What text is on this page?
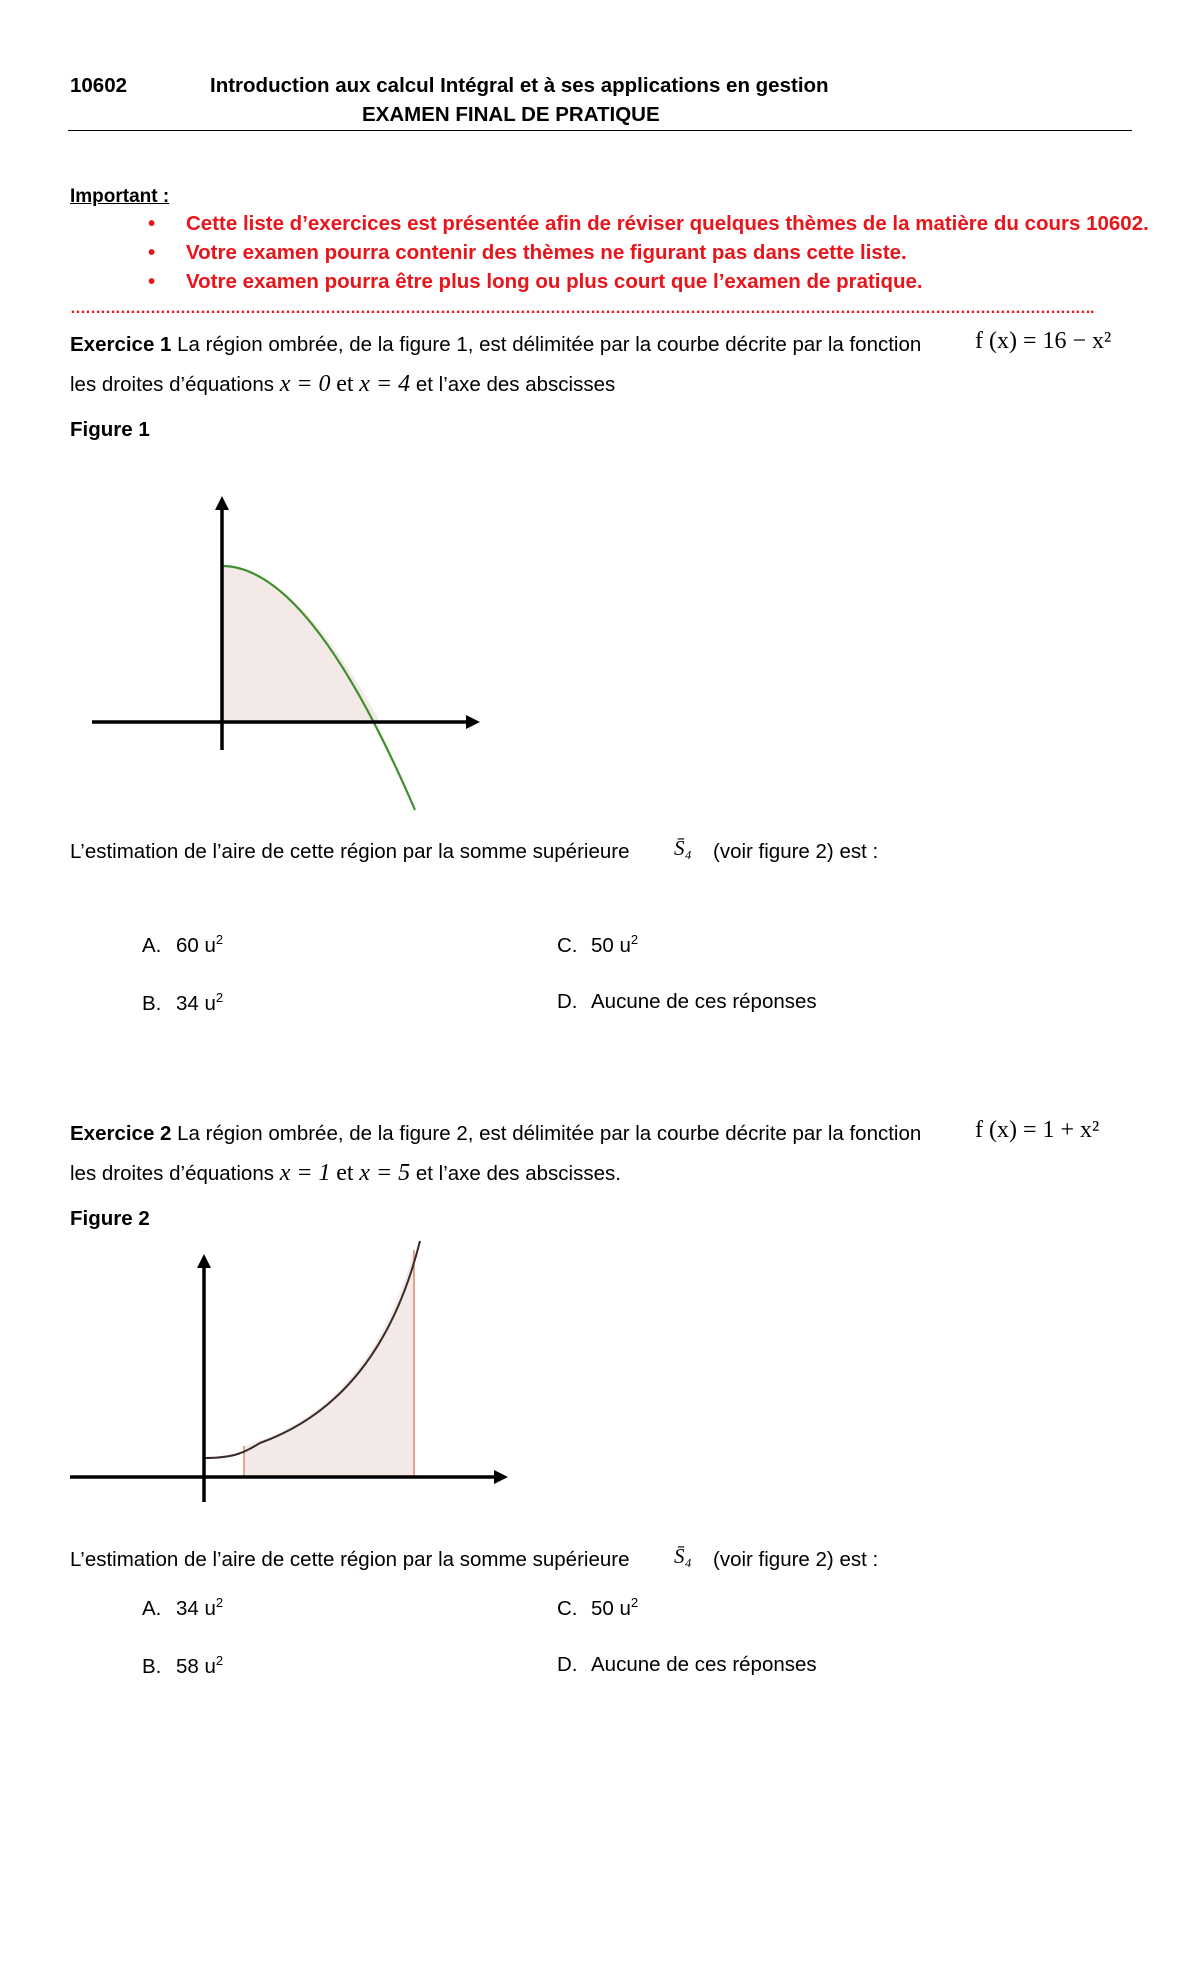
10602	Introduction aux calcul Intégral et à ses applications en gestion
EXAMEN FINAL DE PRATIQUE
Important :
• Cette liste d’exercices est présentée afin de réviser quelques thèmes de la matière du cours 10602.
• Votre examen pourra contenir des thèmes ne figurant pas dans cette liste.
• Votre examen pourra être plus long ou plus court que l’examen de pratique.
…………………………………………………………………………………………………………………………………………………………………………………….
Exercice 1 La région ombrée, de la figure 1, est délimitée par la courbe décrite par la fonction f (x) = 16 − x²
les droites d’équations x = 0 et x = 4 et l’axe des abscisses
Figure 1
L’estimation de l’aire de cette région par la somme supérieure S̄₄ (voir figure 2) est :
A. 60 $u^2$
B. 34 $u^2$
C. 50 $u^2$
D. Aucune de ces réponses
Exercice 2 La région ombrée, de la figure 2, est délimitée par la courbe décrite par la fonction f (x) = 1 + x²
les droites d’équations x = 1 et x = 5 et l’axe des abscisses.
Figure 2
L’estimation de l’aire de cette région par la somme supérieure S̄₄ (voir figure 2) est :
A. 34 $u^2$
B. 58 $u^2$
C. 50 $u^2$
D. Aucune de ces réponses
